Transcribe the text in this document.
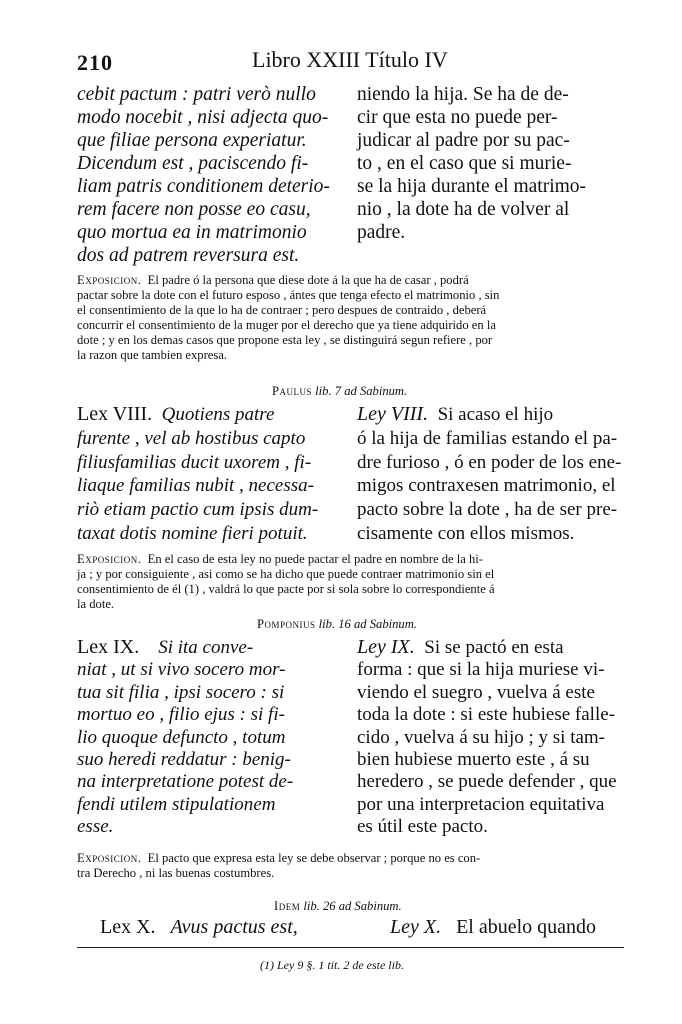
210	Libro XXIII Título IV
cebit pactum : patri verò nullo
modo nocebit , nisi adjecta quo-
que filiae persona experiatur.
Dicendum est , paciscendo fi-
liam patris conditionem deterio-
rem facere non posse eo casu,
quo mortua ea in matrimonio
dos ad patrem reversura est.
niendo la hija. Se ha de de-
cir que esta no puede per-
judicar al padre por su pac-
to , en el caso que si murie-
se la hija durante el matrimo-
nio , la dote ha de volver al
padre.
Exposicion. El padre ó la persona que diese dote á la que ha de casar , podrá
pactar sobre la dote con el futuro esposo , ántes que tenga efecto el matrimonio , sin
el consentimiento de la que lo ha de contraer ; pero despues de contraido , deberá
concurrir el consentimiento de la muger por el derecho que ya tiene adquirido en la
dote ; y en los demas casos que propone esta ley , se distinguirá segun refiere , por
la razon que tambien expresa.
Paulus lib. 7 ad Sabinum.
Lex VIII. Quotiens patre
furente , vel ab hostibus capto
filiusfamilias ducit uxorem , fi-
liaque familias nubit , necessa-
riò etiam pactio cum ipsis dum-
taxat dotis nomine fieri potuit.
Ley VIII. Si acaso el hijo
ó la hija de familias estando el pa-
dre furioso , ó en poder de los ene-
migos contraxesen matrimonio, el
pacto sobre la dote , ha de ser pre-
cisamente con ellos mismos.
Exposicion. En el caso de esta ley no puede pactar el padre en nombre de la hi-
ja ; y por consiguiente , asi como se ha dicho que puede contraer matrimonio sin el
consentimiento de él (1) , valdrá lo que pacte por si sola sobre lo correspondiente á
la dote.
Pomponius lib. 16 ad Sabinum.
Lex IX. Si ita conve-
niat , ut si vivo socero mor-
tua sit filia , ipsi socero : si
mortuo eo , filio ejus : si fi-
lio quoque defuncto , totum
suo heredi reddatur : benig-
na interpretatione potest de-
fendi utilem stipulationem
esse.
Ley IX. Si se pactó en esta
forma : que si la hija muriese vi-
viendo el suegro , vuelva á este
toda la dote : si este hubiese falle-
cido , vuelva á su hijo ; y si tam-
bien hubiese muerto este , á su
heredero , se puede defender , que
por una interpretacion equitativa
es útil este pacto.
Exposicion. El pacto que expresa esta ley se debe observar ; porque no es con-
tra Derecho , ni las buenas costumbres.
Idem lib. 26 ad Sabinum.
Lex X. Avus pactus est,	Ley X. El abuelo quando
(1) Ley 9 §. 1 tit. 2 de este lib.
